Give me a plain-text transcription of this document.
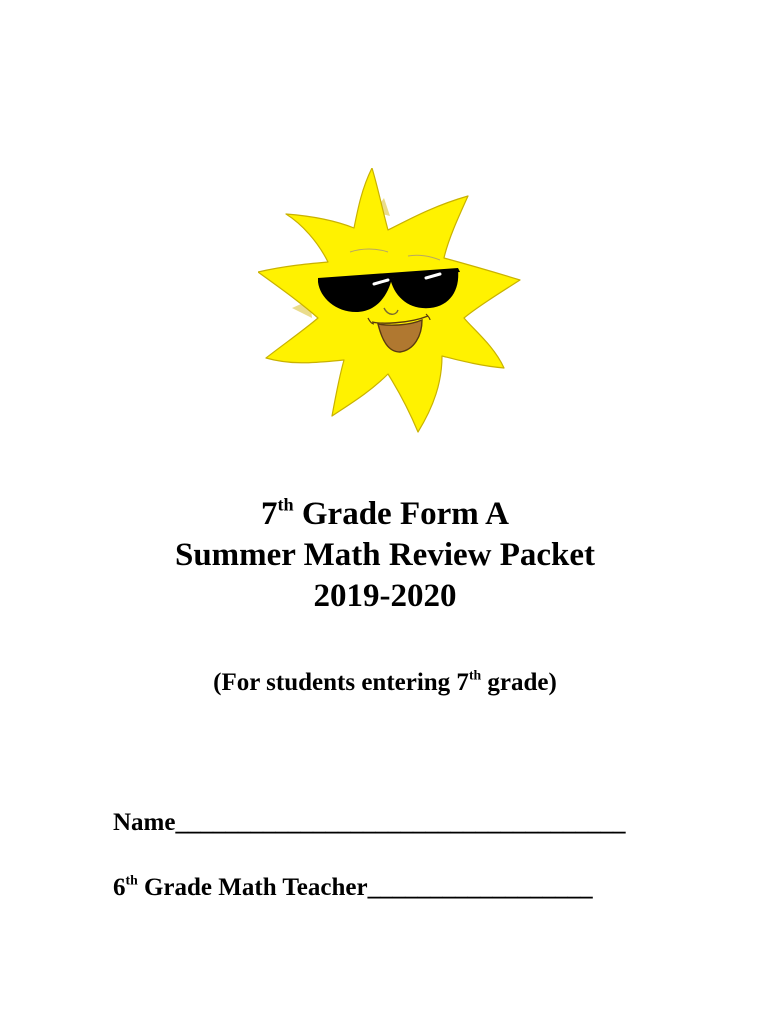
7th Grade Form A
Summer Math Review Packet
2019-2020
(For students entering 7th grade)
Name____________________________________
6th Grade Math Teacher__________________
